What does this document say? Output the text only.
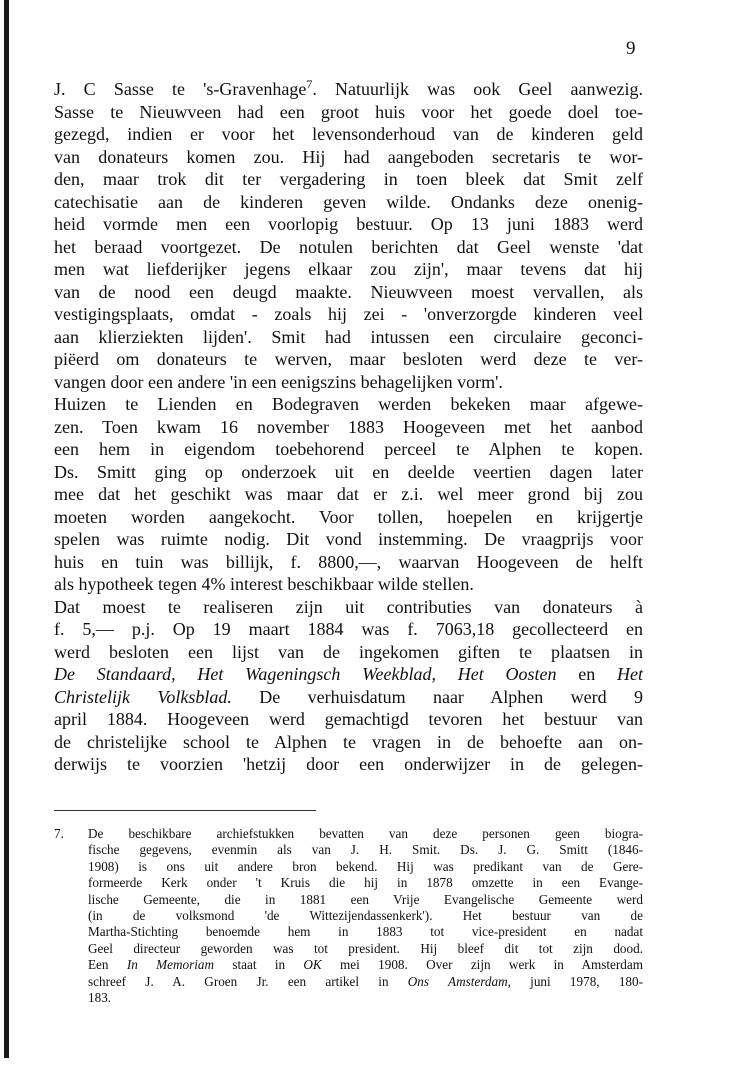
9
J. C Sasse te 's-Gravenhage$^7$. Natuurlijk was ook Geel aanwezig.
Sasse te Nieuwveen had een groot huis voor het goede doel toe-
gezegd, indien er voor het levensonderhoud van de kinderen geld
van donateurs komen zou. Hij had aangeboden secretaris te wor-
den, maar trok dit ter vergadering in toen bleek dat Smit zelf
catechisatie aan de kinderen geven wilde. Ondanks deze onenig-
heid vormde men een voorlopig bestuur. Op 13 juni 1883 werd
het beraad voortgezet. De notulen berichten dat Geel wenste 'dat
men wat liefderijker jegens elkaar zou zijn', maar tevens dat hij
van de nood een deugd maakte. Nieuwveen moest vervallen, als
vestigingsplaats, omdat - zoals hij zei - 'onverzorgde kinderen veel
aan klierziekten lijden'. Smit had intussen een circulaire geconci-
piëerd om donateurs te werven, maar besloten werd deze te ver-
vangen door een andere 'in een eenigszins behagelijken vorm'.
Huizen te Lienden en Bodegraven werden bekeken maar afgewe-
zen. Toen kwam 16 november 1883 Hoogeveen met het aanbod
een hem in eigendom toebehorend perceel te Alphen te kopen.
Ds. Smitt ging op onderzoek uit en deelde veertien dagen later
mee dat het geschikt was maar dat er z.i. wel meer grond bij zou
moeten worden aangekocht. Voor tollen, hoepelen en krijgertje
spelen was ruimte nodig. Dit vond instemming. De vraagprijs voor
huis en tuin was billijk, f. 8800,—, waarvan Hoogeveen de helft
als hypotheek tegen 4% interest beschikbaar wilde stellen.
Dat moest te realiseren zijn uit contributies van donateurs à
f. 5,— p.j. Op 19 maart 1884 was f. 7063,18 gecollecteerd en
werd besloten een lijst van de ingekomen giften te plaatsen in
De Standaard, Het Wageningsch Weekblad, Het Oosten en Het
Christelijk Volksblad. De verhuisdatum naar Alphen werd 9
april 1884. Hoogeveen werd gemachtigd tevoren het bestuur van
de christelijke school te Alphen te vragen in de behoefte aan on-
derwijs te voorzien 'hetzij door een onderwijzer in de gelegen-
7. De beschikbare archiefstukken bevatten van deze personen geen biogra-
fische gegevens, evenmin als van J. H. Smit. Ds. J. G. Smitt (1846-
1908) is ons uit andere bron bekend. Hij was predikant van de Gere-
formeerde Kerk onder 't Kruis die hij in 1878 omzette in een Evange-
lische Gemeente, die in 1881 een Vrije Evangelische Gemeente werd
(in de volksmond 'de Wittezijendassenkerk'). Het bestuur van de
Martha-Stichting benoemde hem in 1883 tot vice-president en nadat
Geel directeur geworden was tot president. Hij bleef dit tot zijn dood.
Een In Memoriam staat in OK mei 1908. Over zijn werk in Amsterdam
schreef J. A. Groen Jr. een artikel in Ons Amsterdam, juni 1978, 180-
183.
